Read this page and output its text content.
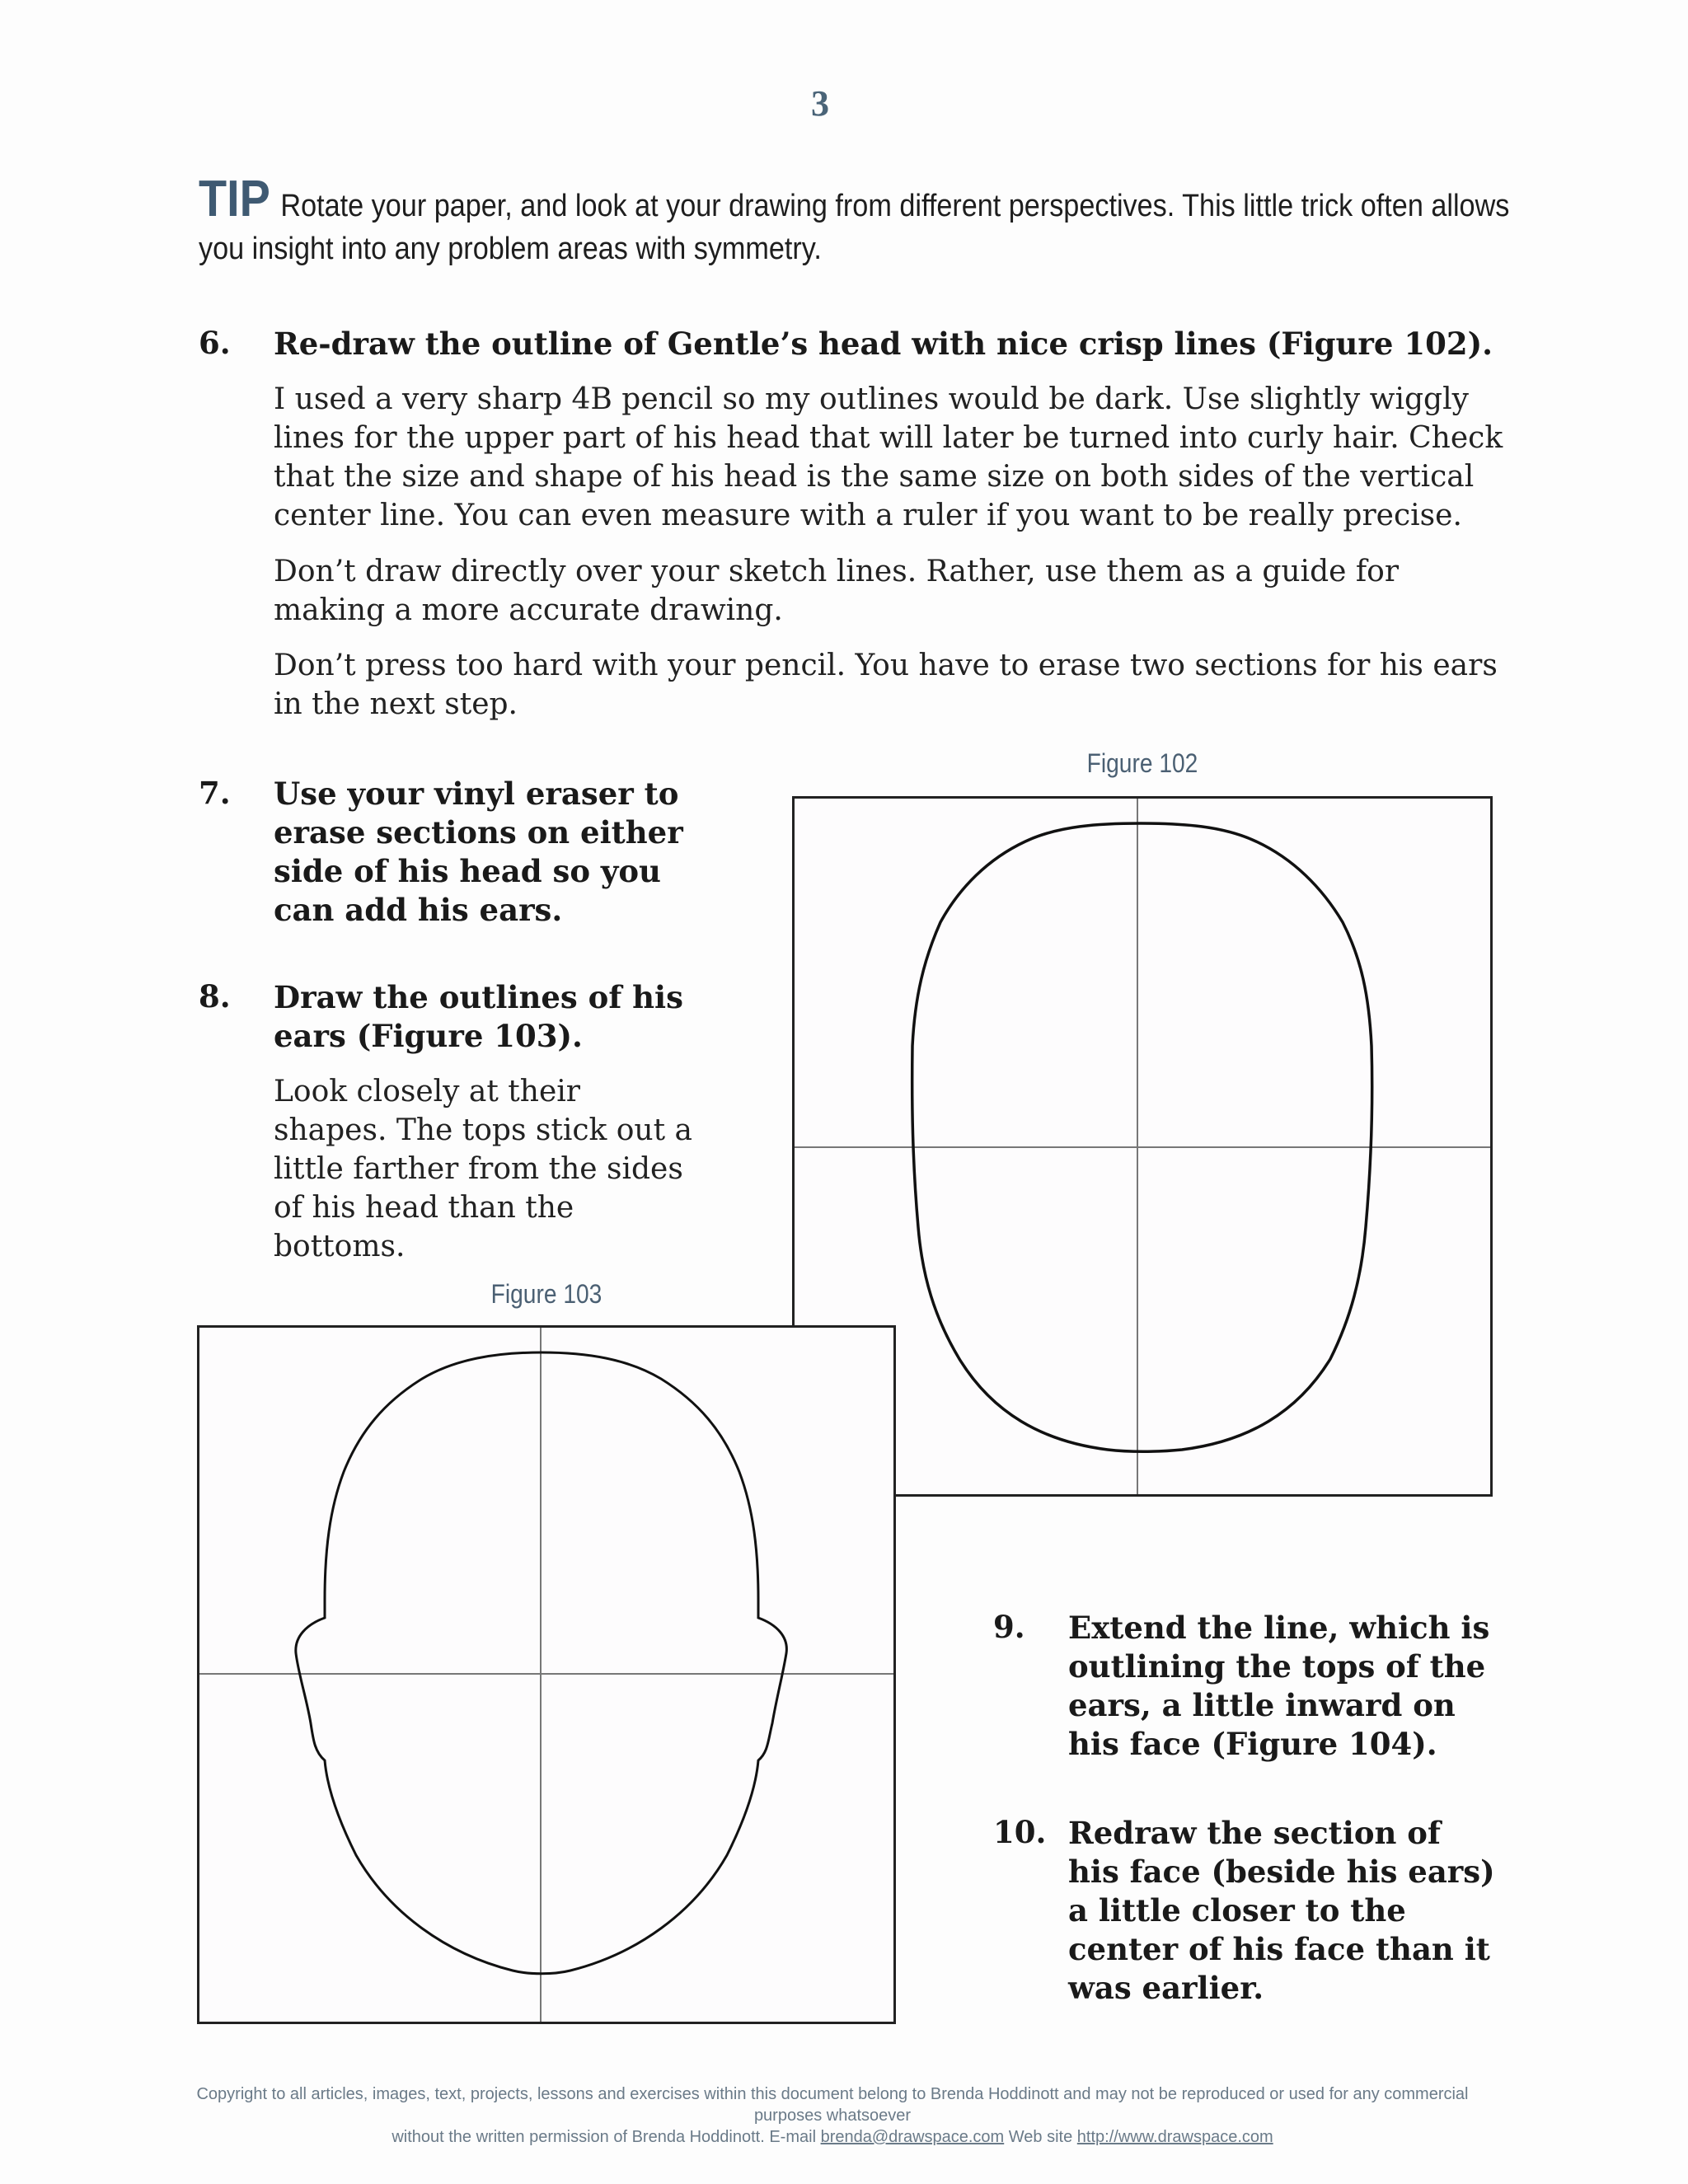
3
TIP Rotate your paper, and look at your drawing from different perspectives. This little trick often allows you insight into any problem areas with symmetry.
6. Re-draw the outline of Gentle’s head with nice crisp lines (Figure 102).
I used a very sharp 4B pencil so my outlines would be dark. Use slightly wiggly lines for the upper part of his head that will later be turned into curly hair. Check that the size and shape of his head is the same size on both sides of the vertical center line. You can even measure with a ruler if you want to be really precise.
Don’t draw directly over your sketch lines. Rather, use them as a guide for making a more accurate drawing.
Don’t press too hard with your pencil. You have to erase two sections for his ears in the next step.
7. Use your vinyl eraser to erase sections on either side of his head so you can add his ears.
8. Draw the outlines of his ears (Figure 103).
Look closely at their shapes. The tops stick out a little farther from the sides of his head than the bottoms.
Figure 102
Figure 103
9. Extend the line, which is outlining the tops of the ears, a little inward on his face (Figure 104).
10. Redraw the section of his face (beside his ears) a little closer to the center of his face than it was earlier.
Copyright to all articles, images, text, projects, lessons and exercises within this document belong to Brenda Hoddinott and may not be reproduced or used for any commercial purposes whatsoever
without the written permission of Brenda Hoddinott. E-mail brenda@drawspace.com Web site http://www.drawspace.com
